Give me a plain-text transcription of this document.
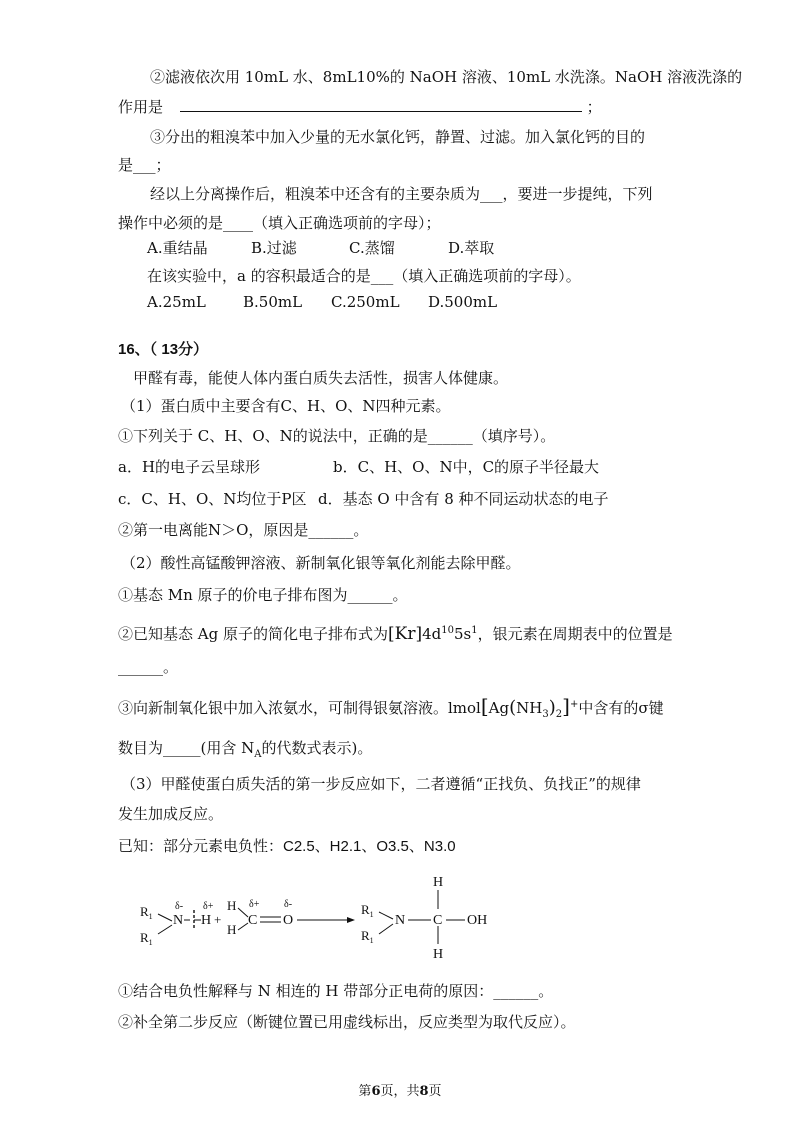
②滤液依次用 10mL 水、8mL10%的 NaOH 溶液、10mL 水洗涤。NaOH 溶液洗涤的
作用是	；
③分出的粗溴苯中加入少量的无水氯化钙，静置、过滤。加入氯化钙的目的
是___；
经以上分离操作后，粗溴苯中还含有的主要杂质为___，要进一步提纯，下列
操作中必须的是____（填入正确选项前的字母）；
A.重结晶	B.过滤	C.蒸馏	D.萃取
在该实验中，a 的容积最适合的是___（填入正确选项前的字母）。
A.25mL B.50mL C.250mL D.500mL
16、（ 13分）
甲醛有毒，能使人体内蛋白质失去活性，损害人体健康。
（1）蛋白质中主要含有C、H、O、N四种元素。
①下列关于 C、H、O、N的说法中，正确的是______（填序号）。
a．H的电子云呈球形	b．C、H、O、N中，C的原子半径最大
c．C、H、O、N均位于P区 d．基态 O 中含有 8 种不同运动状态的电子
②第一电离能N＞O，原因是______。
（2）酸性高锰酸钾溶液、新制氧化银等氧化剂能去除甲醛。
①基态 Mn 原子的价电子排布图为______。
②已知基态 Ag 原子的简化电子排布式为$[Kr]4d^{10}5s^1$，银元素在周期表中的位置是
______。
③向新制氧化银中加入浓氨水，可制得银氨溶液。$lmol[Ag(NH_3)_2]^+$中含有的σ键
数目为_____(用含 $N_A$的代数式表示)。
（3）甲醛使蛋白质失活的第一步反应如下，二者遵循“正找负、负找正”的规律
发生加成反应。
已知：部分元素电负性：C2.5、H2.1、O3.5、N3.0
$R_1$
$R_1$
N
δ-
H
δ+
+
H
H
C
δ+
O
δ-	$R_1$
$R_1$
N C
H
H
OH
①结合电负性解释与 N 相连的 H 带部分正电荷的原因：______。
②补全第二步反应（断键位置已用虚线标出，反应类型为取代反应）。
第6页，共8页
